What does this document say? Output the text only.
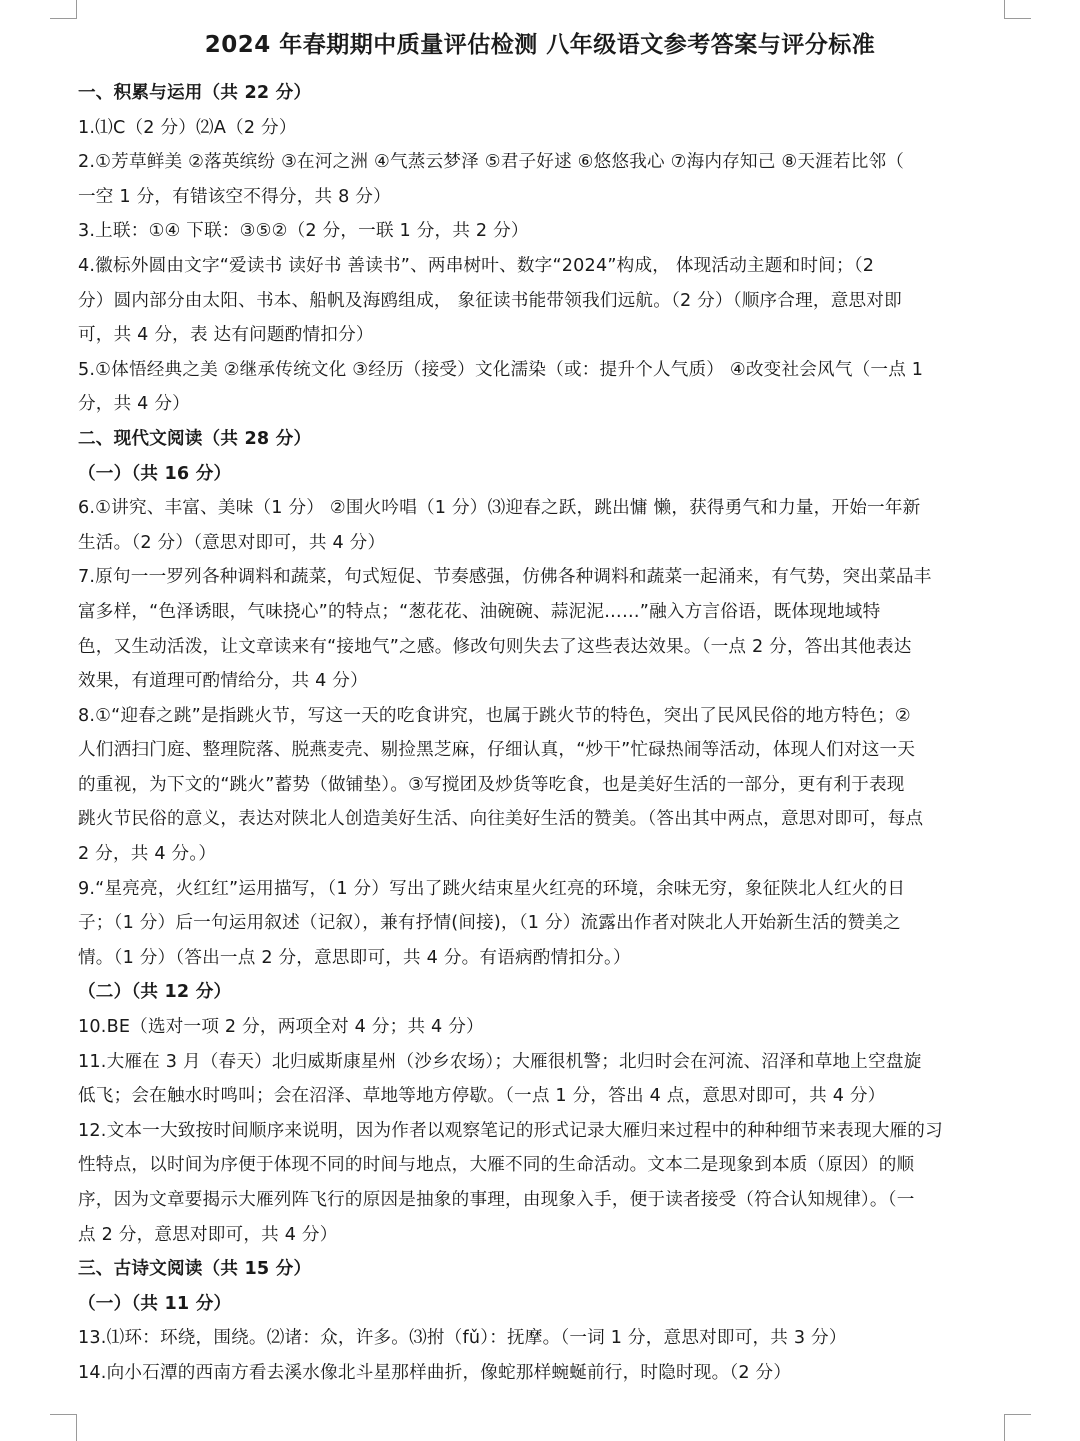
2024 年春期期中质量评估检测 八年级语文参考答案与评分标准
一、积累与运用（共 22 分）
1.⑴C（2 分）⑵A（2 分）
2.①芳草鲜美 ②落英缤纷 ③在河之洲 ④气蒸云梦泽 ⑤君子好逑 ⑥悠悠我心 ⑦海内存知己 ⑧天涯若比邻（
一空 1 分，有错该空不得分，共 8 分）
3.上联：①④ 下联：③⑤②（2 分，一联 1 分，共 2 分）
4.徽标外圆由文字“爱读书 读好书 善读书”、两串树叶、数字“2024”构成， 体现活动主题和时间；（2
分）圆内部分由太阳、书本、船帆及海鸥组成， 象征读书能带领我们远航。（2 分）（顺序合理，意思对即
可，共 4 分，表 达有问题酌情扣分）
5.①体悟经典之美 ②继承传统文化 ③经历（接受）文化濡染（或：提升个人气质） ④改变社会风气（一点 1
分，共 4 分）
二、现代文阅读（共 28 分）
（一）（共 16 分）
6.①讲究、丰富、美味（1 分） ②围火吟唱（1 分）⑶迎春之跃，跳出慵 懒，获得勇气和力量，开始一年新
生活。（2 分）（意思对即可，共 4 分）
7.原句一一罗列各种调料和蔬菜，句式短促、节奏感强，仿佛各种调料和蔬菜一起涌来，有气势，突出菜品丰
富多样，“色泽诱眼，气味挠心”的特点；“葱花花、油碗碗、蒜泥泥……”融入方言俗语，既体现地域特
色，又生动活泼，让文章读来有“接地气”之感。修改句则失去了这些表达效果。（一点 2 分，答出其他表达
效果，有道理可酌情给分，共 4 分）
8.①“迎春之跳”是指跳火节，写这一天的吃食讲究，也属于跳火节的特色，突出了民风民俗的地方特色；②
人们洒扫门庭、整理院落、脱燕麦壳、剔捡黑芝麻，仔细认真，“炒干”忙碌热闹等活动，体现人们对这一天
的重视，为下文的“跳火”蓄势（做铺垫）。③写搅团及炒货等吃食，也是美好生活的一部分，更有利于表现
跳火节民俗的意义，表达对陕北人创造美好生活、向往美好生活的赞美。（答出其中两点，意思对即可，每点
2 分，共 4 分。）
9.“星亮亮，火红红”运用描写，（1 分）写出了跳火结束星火红亮的环境，余味无穷，象征陕北人红火的日
子；（1 分）后一句运用叙述（记叙），兼有抒情(间接)，（1 分）流露出作者对陕北人开始新生活的赞美之
情。（1 分）（答出一点 2 分，意思即可，共 4 分。有语病酌情扣分。）
（二）（共 12 分）
10.BE（选对一项 2 分，两项全对 4 分；共 4 分）
11.大雁在 3 月（春天）北归威斯康星州（沙乡农场）；大雁很机警；北归时会在河流、沼泽和草地上空盘旋
低飞；会在触水时鸣叫；会在沼泽、草地等地方停歇。（一点 1 分，答出 4 点，意思对即可，共 4 分）
12.文本一大致按时间顺序来说明，因为作者以观察笔记的形式记录大雁归来过程中的种种细节来表现大雁的习
性特点，以时间为序便于体现不同的时间与地点，大雁不同的生命活动。文本二是现象到本质（原因）的顺
序，因为文章要揭示大雁列阵飞行的原因是抽象的事理，由现象入手，便于读者接受（符合认知规律）。（一
点 2 分，意思对即可，共 4 分）
三、古诗文阅读（共 15 分）
（一）（共 11 分）
13.⑴环：环绕，围绕。⑵诸：众，许多。⑶拊（fǔ）：抚摩。（一词 1 分，意思对即可，共 3 分）
14.向小石潭的西南方看去溪水像北斗星那样曲折，像蛇那样蜿蜒前行，时隐时现。（2 分）
